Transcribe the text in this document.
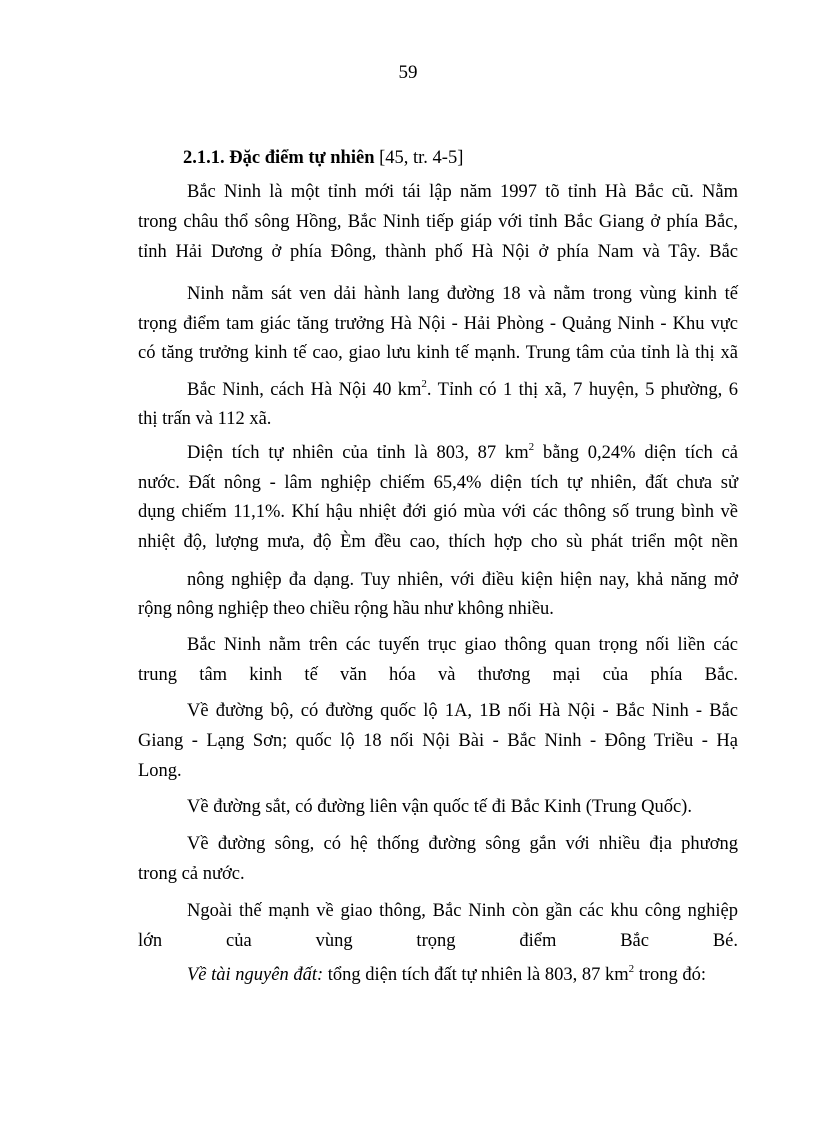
59
2.1.1. Đặc điểm tự nhiên [45, tr. 4-5]
Bắc Ninh là một tỉnh mới tái lập năm 1997 tõ tỉnh Hà Bắc cũ. Nằm
trong châu thổ sông Hồng, Bắc Ninh tiếp giáp với tỉnh Bắc Giang ở phía Bắc,
tỉnh Hải Dương ở phía Đông, thành phố Hà Nội ở phía Nam và Tây. Bắc
Ninh nằm sát ven dải hành lang đường 18 và nằm trong vùng kinh tế
trọng điểm tam giác tăng trưởng Hà Nội - Hải Phòng - Quảng Ninh - Khu vực
có tăng trưởng kinh tế cao, giao lưu kinh tế mạnh. Trung tâm của tỉnh là thị xã
Bắc Ninh, cách Hà Nội 40 $km^2$. Tỉnh có 1 thị xã, 7 huyện, 5 phường, 6
thị trấn và 112 xã.
Diện tích tự nhiên của tỉnh là 803, 87 $km^2$ bằng 0,24% diện tích cả
nước. Đất nông - lâm nghiệp chiếm 65,4% diện tích tự nhiên, đất chưa sử
dụng chiếm 11,1%. Khí hậu nhiệt đới gió mùa với các thông số trung bình về
nhiệt độ, lượng mưa, độ Èm đều cao, thích hợp cho sù phát triển một nền
nông nghiệp đa dạng. Tuy nhiên, với điều kiện hiện nay, khả năng mở
rộng nông nghiệp theo chiều rộng hầu như không nhiều.
Bắc Ninh nằm trên các tuyến trục giao thông quan trọng nối liền các
trung tâm kinh tế văn hóa và thương mại của phía Bắc.
Về đường bộ, có đường quốc lộ 1A, 1B nối Hà Nội - Bắc Ninh - Bắc
Giang - Lạng Sơn; quốc lộ 18 nối Nội Bài - Bắc Ninh - Đông Triều - Hạ
Long.
Về đường sắt, có đường liên vận quốc tế đi Bắc Kinh (Trung Quốc).
Về đường sông, có hệ thống đường sông gắn với nhiều địa phương
trong cả nước.
Ngoài thế mạnh về giao thông, Bắc Ninh còn gần các khu công nghiệp
lớn của vùng trọng điểm Bắc Bé.
Về tài nguyên đất: tổng diện tích đất tự nhiên là 803, 87 $km^2$ trong đó:
